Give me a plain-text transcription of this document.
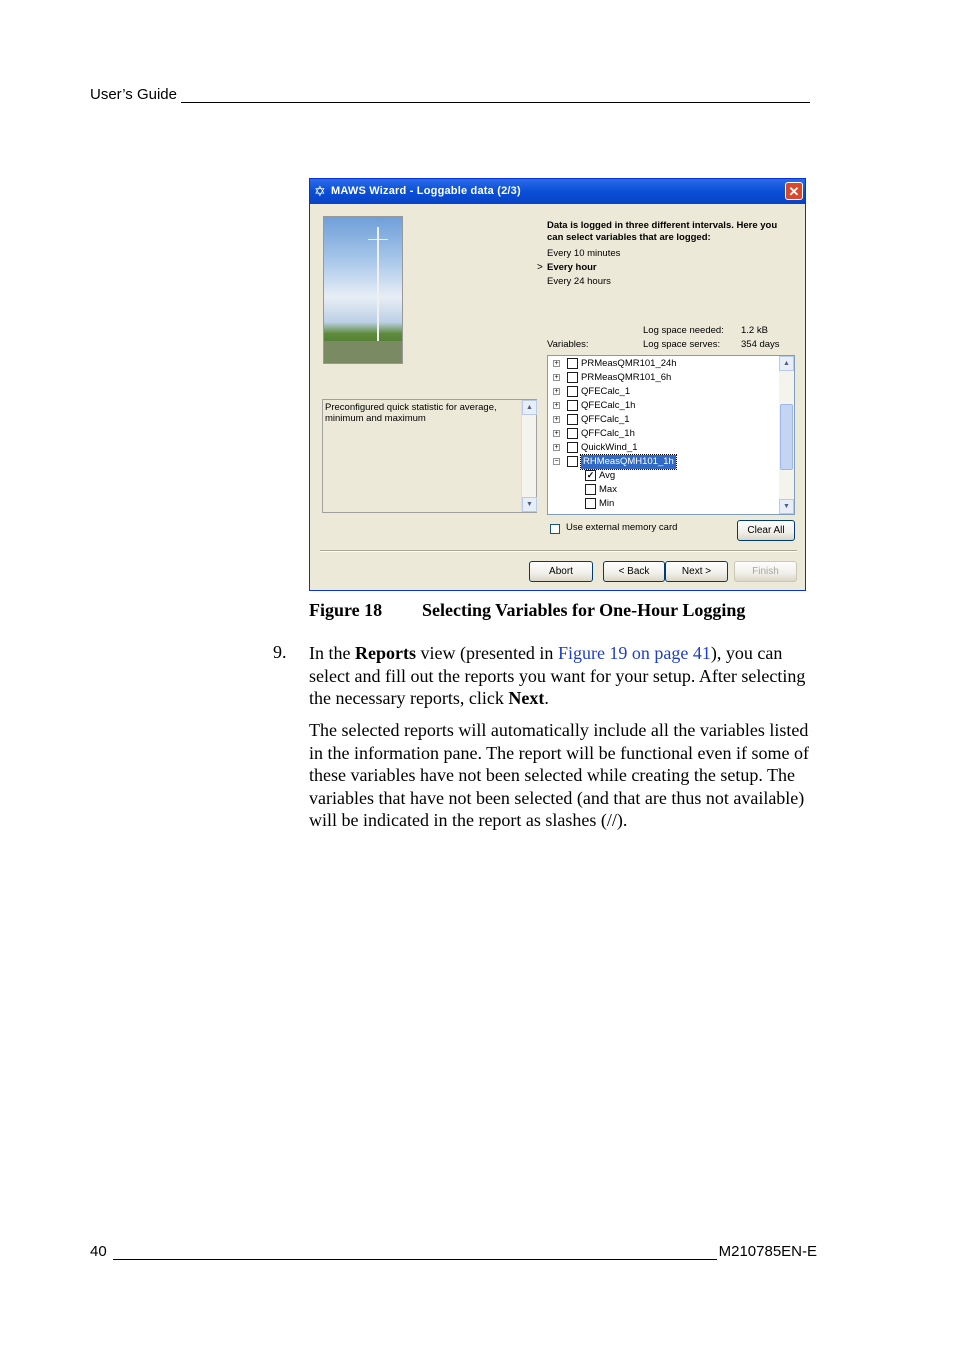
User’s Guide
✡ MAWS Wizard - Loggable data (2/3)	✕
Data is logged in three different intervals. Here you can select variables that are logged:
>
Every 10 minutes
Every hour
Every 24 hours
Log space needed: 1.2 kB
Variables:	Log space serves: 354 days
Preconfigured quick statistic for average, minimum and maximum
▲
▼	Min
Max
✓ Avg
−	RHMeasQMH101_1h
+ QuickWind_1
+ QFFCalc_1h
+ QFFCalc_1
+ QFECalc_1h
+ QFECalc_1
+ PRMeasQMR101_6h
+ PRMeasQMR101_24h	▲
▼
Use external memory card	Clear All
Abort	< Back	Next >	Finish
Figure 18 Selecting Variables for One-Hour Logging
9. In the Reports view (presented in Figure 19 on page 41), you can select and fill out the reports you want for your setup. After selecting the necessary reports, click Next.
The selected reports will automatically include all the variables listed in the information pane. The report will be functional even if some of these variables have not been selected while creating the setup. The variables that have not been selected (and that are thus not available) will be indicated in the report as slashes (//).
40	M210785EN-E
